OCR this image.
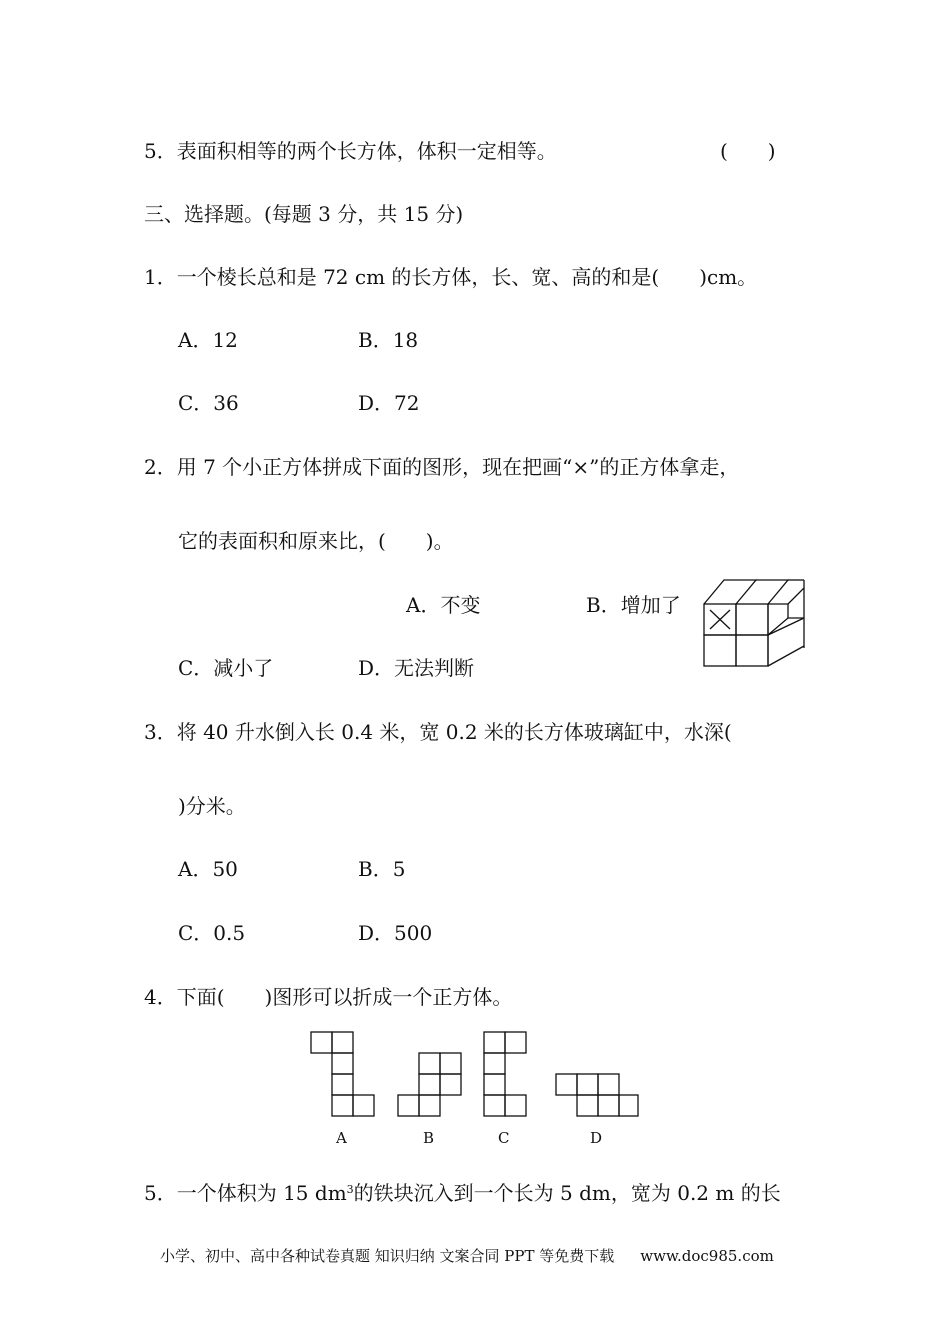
5．表面积相等的两个长方体，体积一定相等。	(　　)
三、选择题。(每题 3 分，共 15 分)
1．一个棱长总和是 72 cm 的长方体，长、宽、高的和是(　　)cm。
A．12	B．18
C．36	D．72
2．用 7 个小正方体拼成下面的图形，现在把画“×”的正方体拿走，
它的表面积和原来比，(　　)。
A．不变	B．增加了
C．减小了	D．无法判断
3．将 40 升水倒入长 0.4 米，宽 0.2 米的长方体玻璃缸中，水深(
)分米。
A．50	B．5
C．0.5	D．500
4．下面(　　)图形可以折成一个正方体。
A	B	C	D
5．一个体积为 15 $dm^3$的铁块沉入到一个长为 5 dm，宽为 0.2 m 的长
小学、初中、高中各种试卷真题 知识归纳 文案合同 PPT 等免费下载 www.doc985.com
